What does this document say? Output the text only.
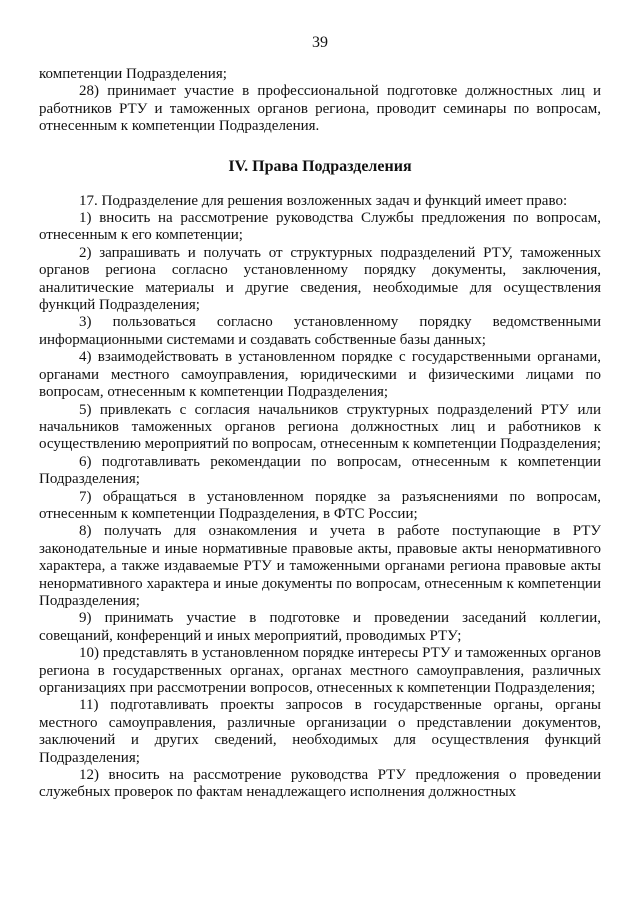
39

компетенции Подразделения;

28) принимает участие в профессиональной подготовке должностных лиц и работников РТУ и таможенных органов региона, проводит семинары по вопросам, отнесенным к компетенции Подразделения.

IV. Права Подразделения

17. Подразделение для решения возложенных задач и функций имеет право:

1) вносить на рассмотрение руководства Службы предложения по вопросам, отнесенным к его компетенции;

2) запрашивать и получать от структурных подразделений РТУ, таможенных органов региона согласно установленному порядку документы, заключения, аналитические материалы и другие сведения, необходимые для осуществления функций Подразделения;

3) пользоваться согласно установленному порядку ведомственными информационными системами и создавать собственные базы данных;

4) взаимодействовать в установленном порядке с государственными органами, органами местного самоуправления, юридическими и физическими лицами по вопросам, отнесенным к компетенции Подразделения;

5) привлекать с согласия начальников структурных подразделений РТУ или начальников таможенных органов региона должностных лиц и работников к осуществлению мероприятий по вопросам, отнесенным к компетенции Подразделения;

6) подготавливать рекомендации по вопросам, отнесенным к компетенции Подразделения;

7) обращаться в установленном порядке за разъяснениями по вопросам, отнесенным к компетенции Подразделения, в ФТС России;

8) получать для ознакомления и учета в работе поступающие в РТУ законодательные и иные нормативные правовые акты, правовые акты ненормативного характера, а также издаваемые РТУ и таможенными органами региона правовые акты ненормативного характера и иные документы по вопросам, отнесенным к компетенции Подразделения;

9) принимать участие в подготовке и проведении заседаний коллегии, совещаний, конференций и иных мероприятий, проводимых РТУ;

10) представлять в установленном порядке интересы РТУ и таможенных органов региона в государственных органах, органах местного самоуправления, различных организациях при рассмотрении вопросов, отнесенных к компетенции Подразделения;

11) подготавливать проекты запросов в государственные органы, органы местного самоуправления, различные организации о представлении документов, заключений и других сведений, необходимых для осуществления функций Подразделения;

12) вносить на рассмотрение руководства РТУ предложения о проведении служебных проверок по фактам ненадлежащего исполнения должностных
